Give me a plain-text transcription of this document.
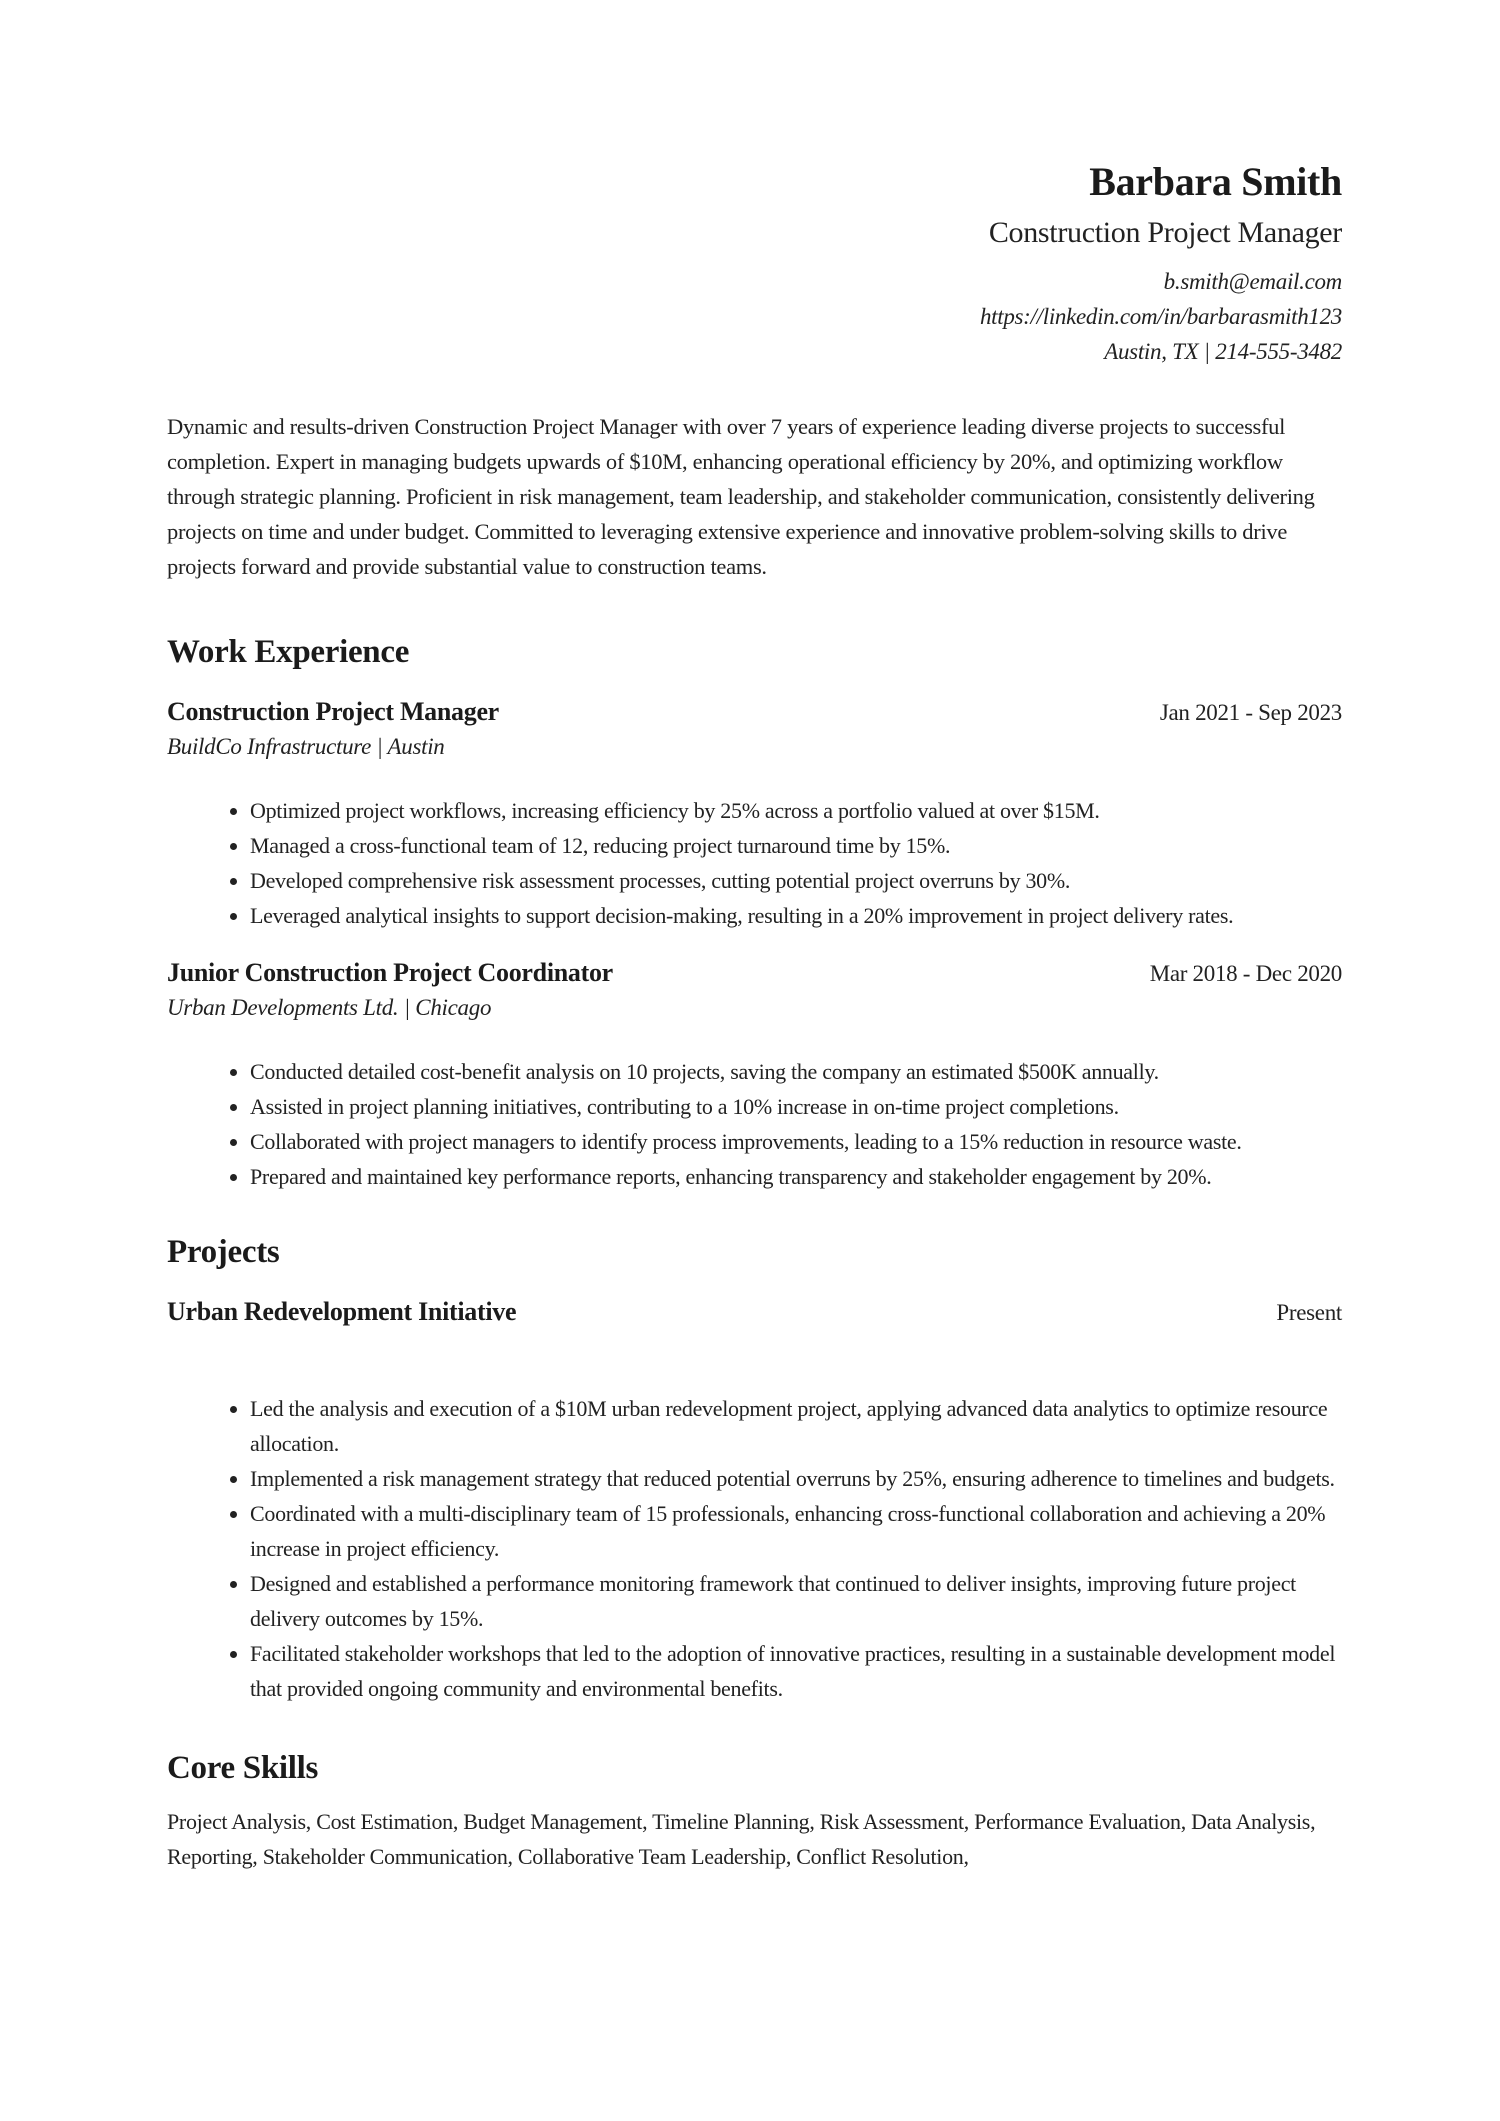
Barbara Smith
Construction Project Manager
b.smith@email.com
https://linkedin.com/in/barbarasmith123
Austin, TX | 214-555-3482

Dynamic and results-driven Construction Project Manager with over 7 years of experience leading diverse projects to successful completion. Expert in managing budgets upwards of $10M, enhancing operational efficiency by 20%, and optimizing workflow through strategic planning. Proficient in risk management, team leadership, and stakeholder communication, consistently delivering projects on time and under budget. Committed to leveraging extensive experience and innovative problem-solving skills to drive projects forward and provide substantial value to construction teams.

Work Experience
Construction Project Manager	Jan 2021 - Sep 2023
BuildCo Infrastructure | Austin
• Optimized project workflows, increasing efficiency by 25% across a portfolio valued at over $15M.
• Managed a cross-functional team of 12, reducing project turnaround time by 15%.
• Developed comprehensive risk assessment processes, cutting potential project overruns by 30%.
• Leveraged analytical insights to support decision-making, resulting in a 20% improvement in project delivery rates.
Junior Construction Project Coordinator	Mar 2018 - Dec 2020
Urban Developments Ltd. | Chicago
• Conducted detailed cost-benefit analysis on 10 projects, saving the company an estimated $500K annually.
• Assisted in project planning initiatives, contributing to a 10% increase in on-time project completions.
• Collaborated with project managers to identify process improvements, leading to a 15% reduction in resource waste.
• Prepared and maintained key performance reports, enhancing transparency and stakeholder engagement by 20%.
Projects
Urban Redevelopment Initiative	Present
• Led the analysis and execution of a $10M urban redevelopment project, applying advanced data analytics to optimize resource allocation.
• Implemented a risk management strategy that reduced potential overruns by 25%, ensuring adherence to timelines and budgets.
• Coordinated with a multi-disciplinary team of 15 professionals, enhancing cross-functional collaboration and achieving a 20% increase in project efficiency.
• Designed and established a performance monitoring framework that continued to deliver insights, improving future project delivery outcomes by 15%.
• Facilitated stakeholder workshops that led to the adoption of innovative practices, resulting in a sustainable development model that provided ongoing community and environmental benefits.
Core Skills

Project Analysis, Cost Estimation, Budget Management, Timeline Planning, Risk Assessment, Performance Evaluation, Data Analysis, Reporting, Stakeholder Communication, Collaborative Team Leadership, Conflict Resolution,
